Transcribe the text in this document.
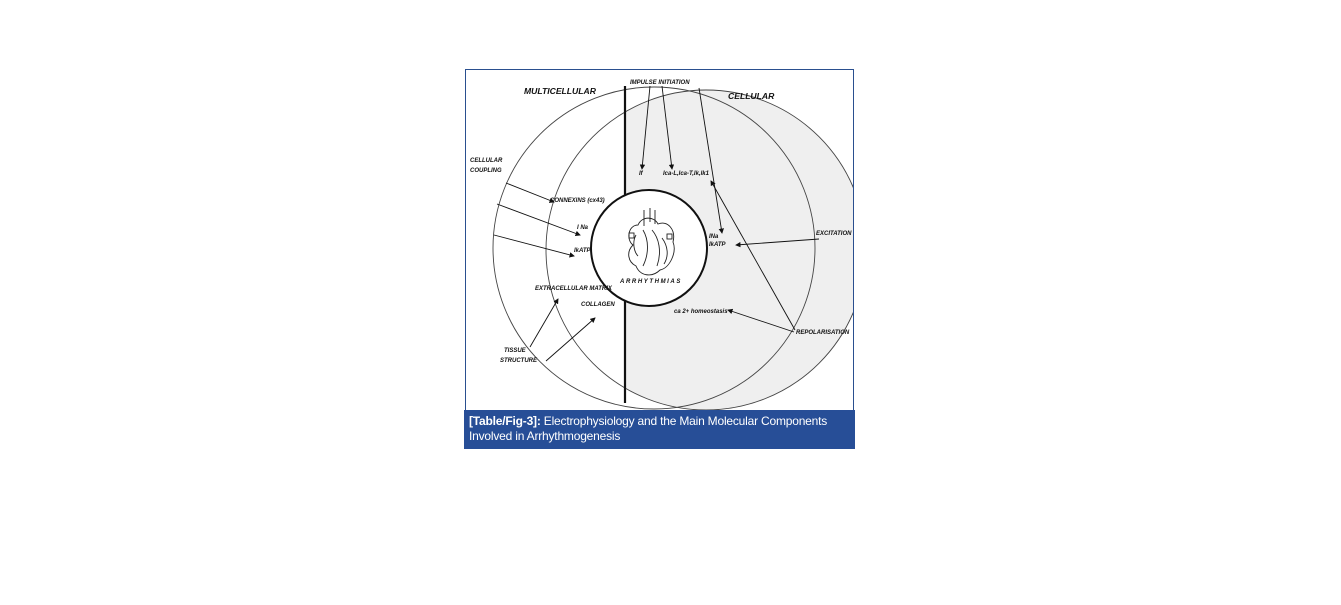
ARRHYTHMIAS
MULTICELLULAR	CELLULAR
IMPULSE INITIATION
CELLULAR
COUPLING
TISSUE
STRUCTURE
CONNEXINS (cx43)
I Na
IkATP
EXTRACELLULAR MATRIX
COLLAGEN
EXCITATION
REPOLARISATION
If	Ica-L,Ica-T,Ik,Ik1
INa
IkATP
ca 2+ homeostasis
[Table/Fig-3]: Electrophysiology and the Main Molecular Components Involved in Arrhythmogenesis
